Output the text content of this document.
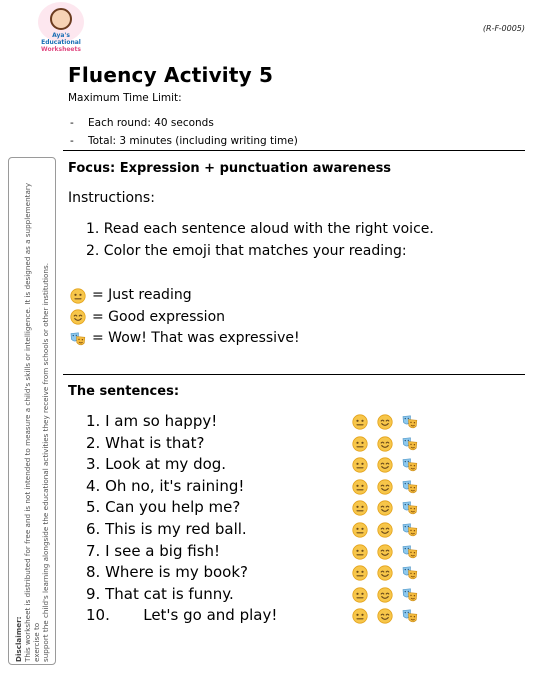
Aya's Educational
Worksheets
(R-F-0005)
Fluency Activity 5
Maximum Time Limit:
- Each round: 40 seconds
- Total: 3 minutes (including writing time)
Disclaimer:
This worksheet is distributed for free and is not intended to measure a child's skills or intelligence. It is designed as a supplementary exercise to
support the child's learning alongside the educational activities they receive from schools or other institutions.
Focus: Expression + punctuation awareness
Instructions:
1. Read each sentence aloud with the right voice.
2. Color the emoji that matches your reading:
= Just reading
= Good expression
= Wow! That was expressive!
The sentences:
1. I am so happy!
2. What is that?
3. Look at my dog.
4. Oh no, it's raining!
5. Can you help me?
6. This is my red ball.
7. I see a big fish!
8. Where is my book?
9. That cat is funny.
10.       Let's go and play!
